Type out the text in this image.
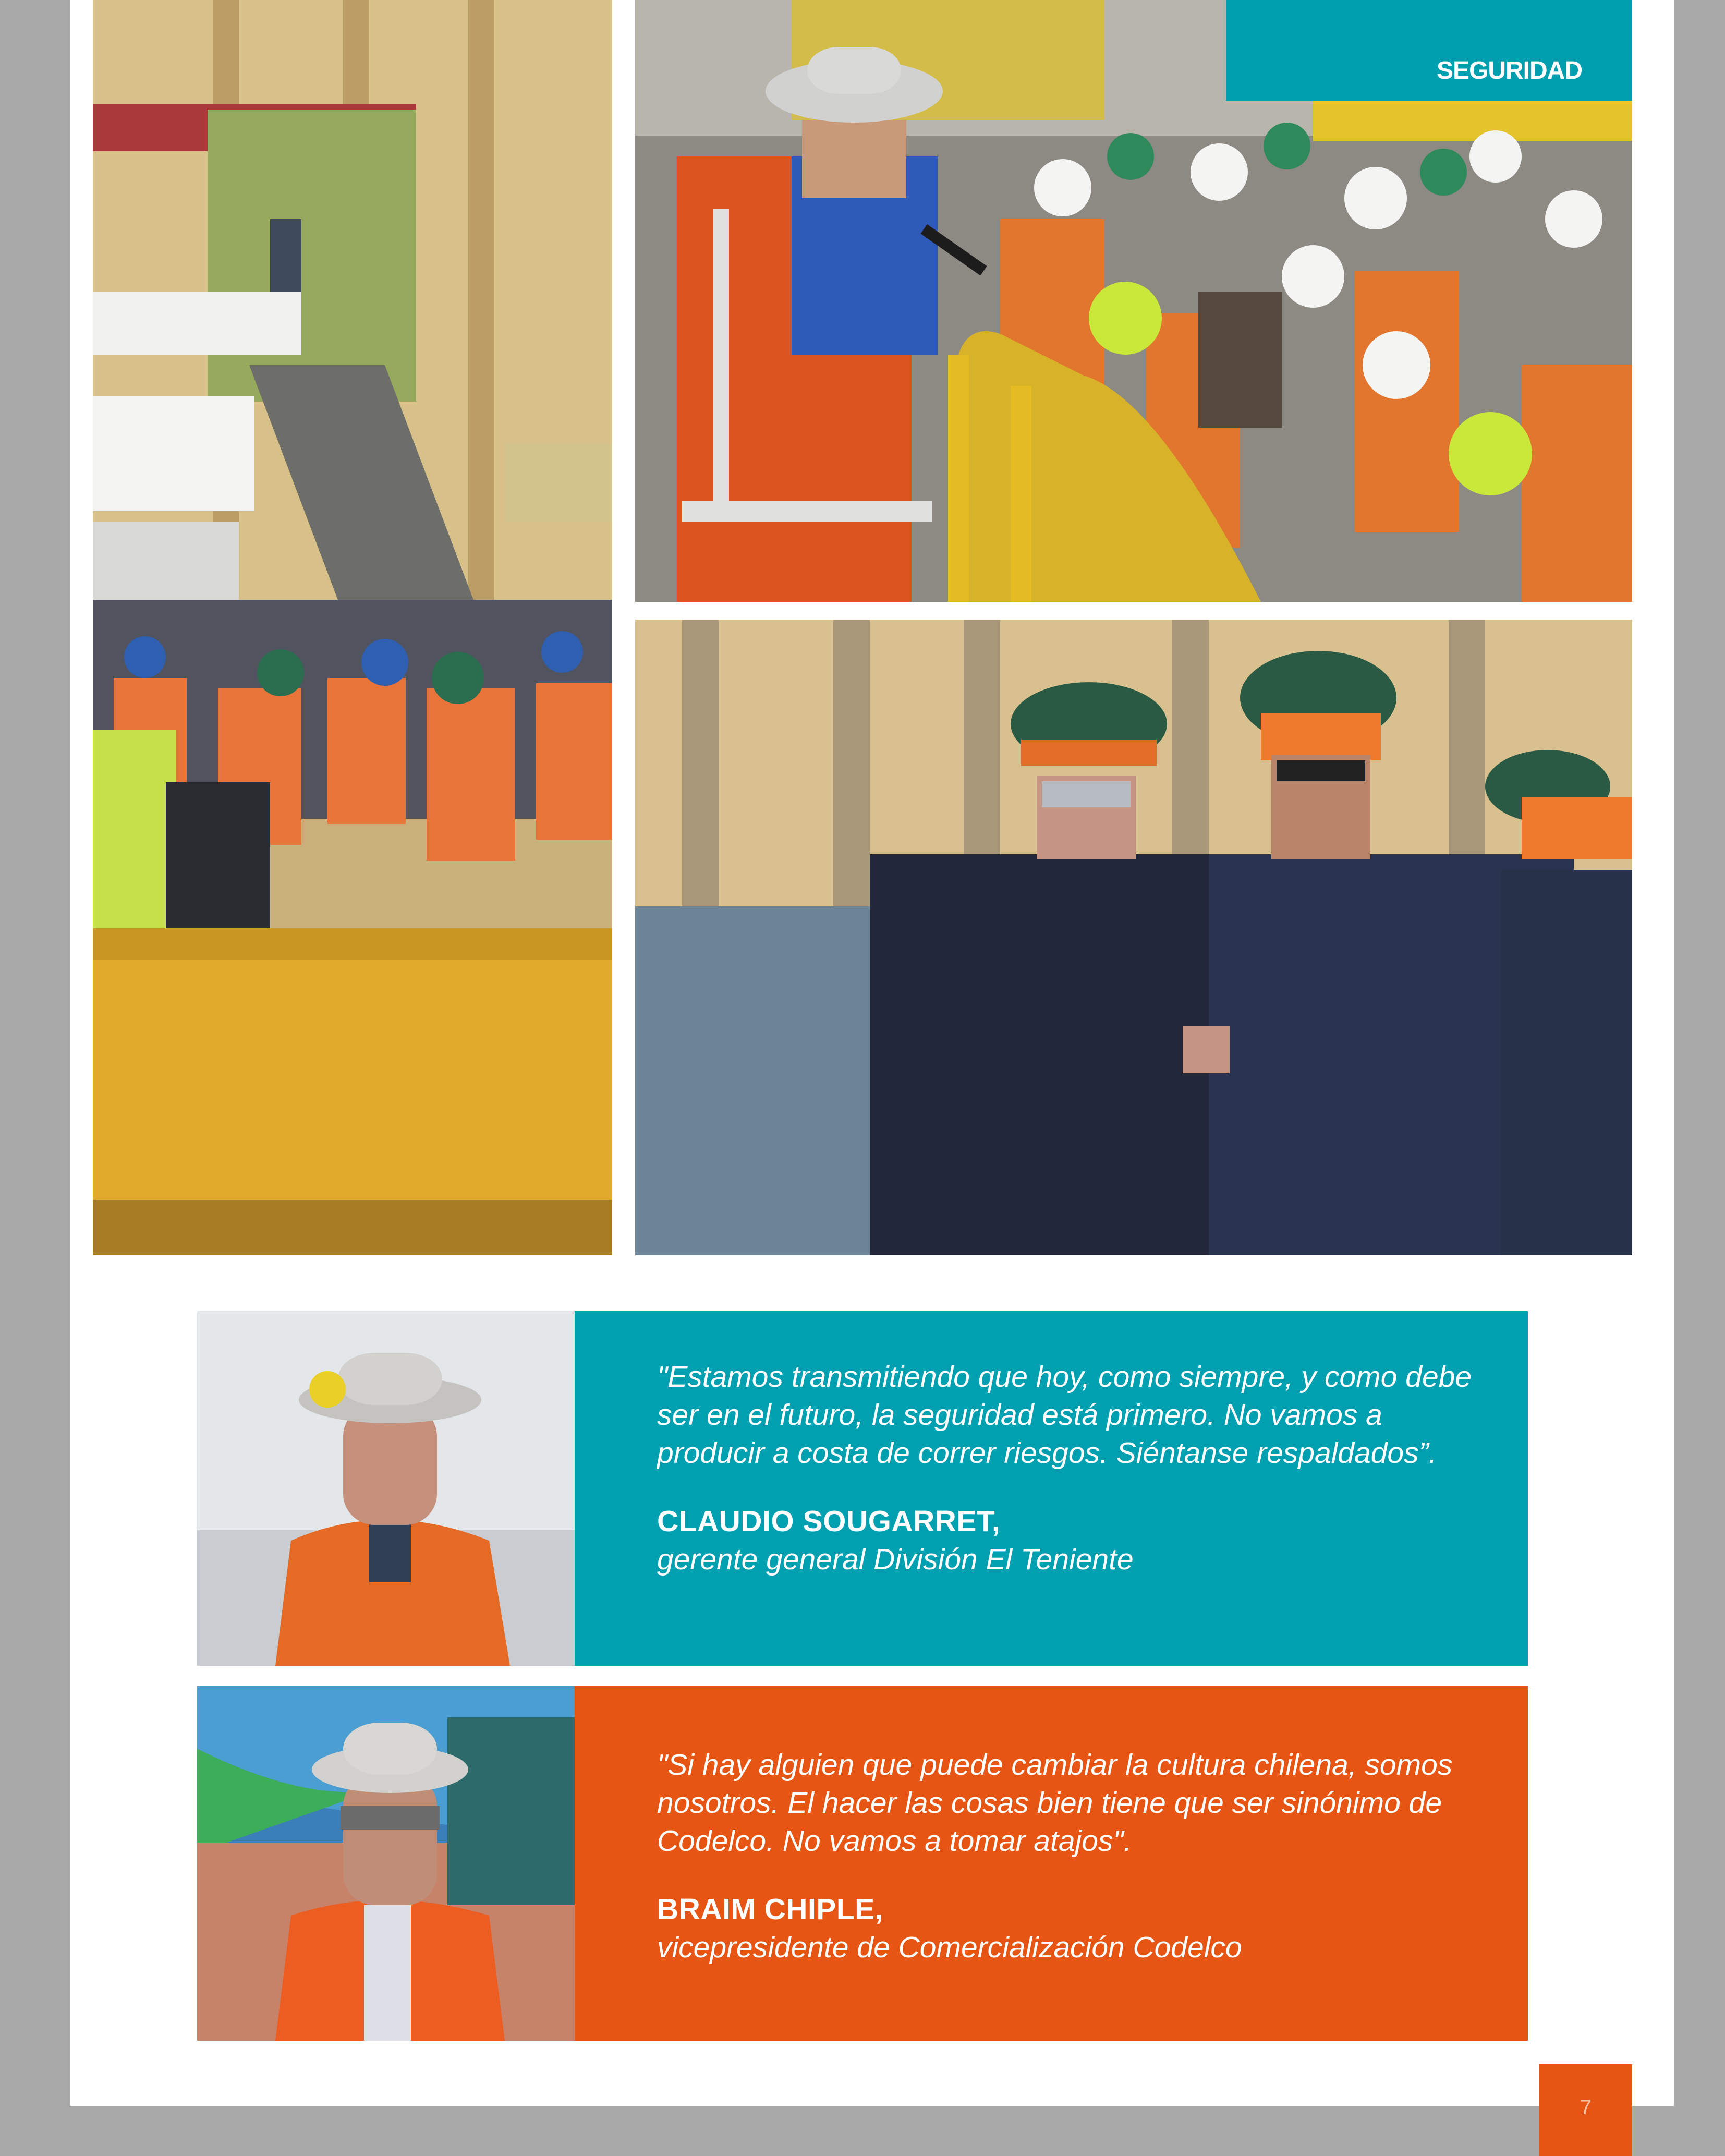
SEGURIDAD

"Estamos transmitiendo que hoy, como siempre, y como debe ser en el futuro, la seguridad está primero. No vamos a producir a costa de correr riesgos. Siéntanse respaldados”.

CLAUDIO SOUGARRET,

gerente general División El Teniente

"Si hay alguien que puede cambiar la cultura chilena, somos nosotros. El hacer las cosas bien tiene que ser sinónimo de Codelco. No vamos a tomar atajos".

BRAIM CHIPLE,

vicepresidente de Comercialización Codelco

7
